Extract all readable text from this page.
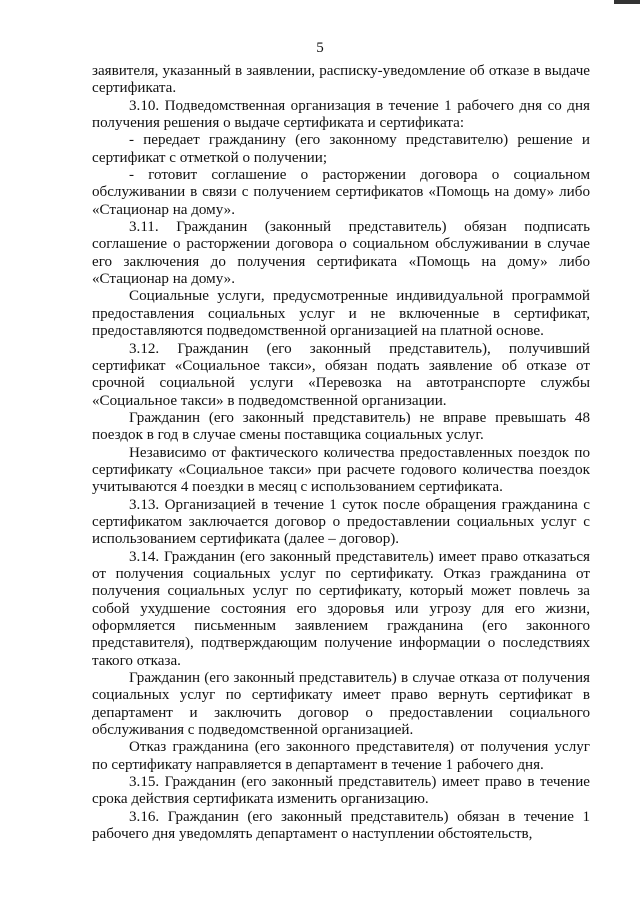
5

заявителя, указанный в заявлении, расписку-уведомление об отказе в выдаче сертификата.

3.10. Подведомственная организация в течение 1 рабочего дня со дня получения решения о выдаче сертификата и сертификата:

- передает гражданину (его законному представителю) решение и сертификат с отметкой о получении;

- готовит соглашение о расторжении договора о социальном обслуживании в связи с получением сертификатов «Помощь на дому» либо «Стационар на дому».

3.11. Гражданин (законный представитель) обязан подписать соглашение о расторжении договора о социальном обслуживании в случае его заключения до получения сертификата «Помощь на дому» либо «Стационар на дому».

Социальные услуги, предусмотренные индивидуальной программой предоставления социальных услуг и не включенные в сертификат, предоставляются подведомственной организацией на платной основе.

3.12. Гражданин (его законный представитель), получивший сертификат «Социальное такси», обязан подать заявление об отказе от срочной социальной услуги «Перевозка на автотранспорте службы «Социальное такси» в подведомственной организации.

Гражданин (его законный представитель) не вправе превышать 48 поездок в год в случае смены поставщика социальных услуг.

Независимо от фактического количества предоставленных поездок по сертификату «Социальное такси» при расчете годового количества поездок учитываются 4 поездки в месяц с использованием сертификата.

3.13. Организацией в течение 1 суток после обращения гражданина с сертификатом заключается договор о предоставлении социальных услуг с использованием сертификата (далее – договор).

3.14. Гражданин (его законный представитель) имеет право отказаться от получения социальных услуг по сертификату. Отказ гражданина от получения социальных услуг по сертификату, который может повлечь за собой ухудшение состояния его здоровья или угрозу для его жизни, оформляется письменным заявлением гражданина (его законного представителя), подтверждающим получение информации о последствиях такого отказа.

Гражданин (его законный представитель) в случае отказа от получения социальных услуг по сертификату имеет право вернуть сертификат в департамент и заключить договор о предоставлении социального обслуживания с подведомственной организацией.

Отказ гражданина (его законного представителя) от получения услуг по сертификату направляется в департамент в течение 1 рабочего дня.

3.15. Гражданин (его законный представитель) имеет право в течение срока действия сертификата изменить организацию.

3.16. Гражданин (его законный представитель) обязан в течение 1 рабочего дня уведомлять департамент о наступлении обстоятельств,
